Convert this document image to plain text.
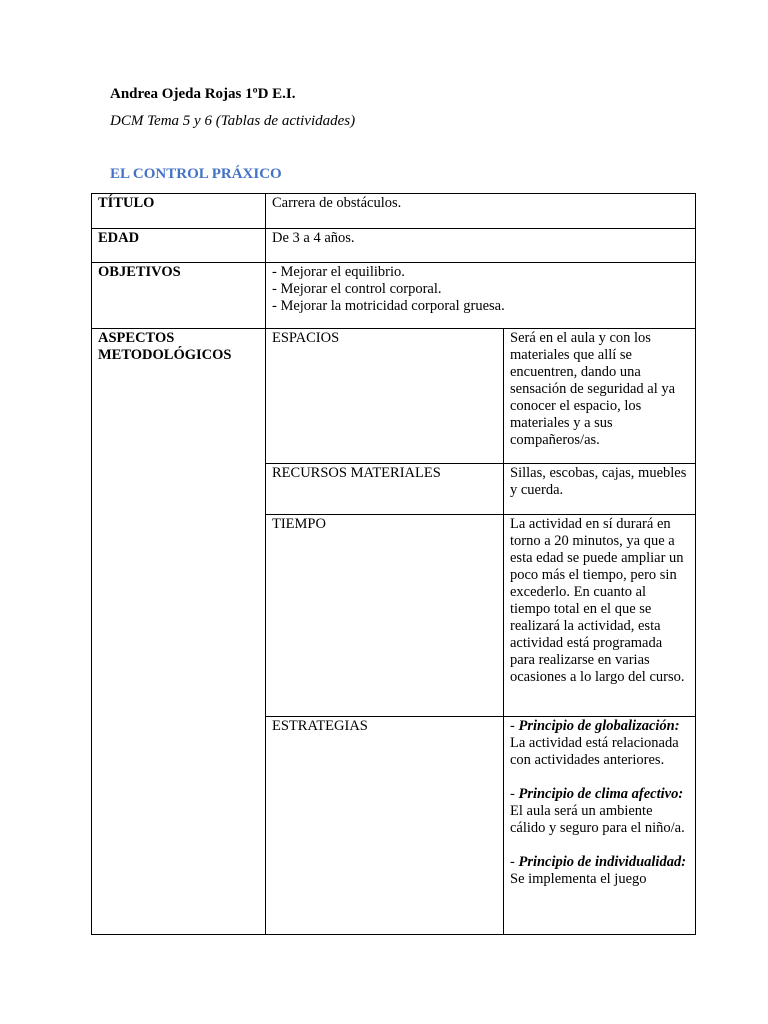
Andrea Ojeda Rojas 1ºD E.I.
DCM Tema 5 y 6 (Tablas de actividades)
EL CONTROL PRÁXICO
TÍTULO	Carrera de obstáculos.	
EDAD	De 3 a 4 años.	
OBJETIVOS	- Mejorar el equilibrio.
- Mejorar el control corporal.
- Mejorar la motricidad corporal gruesa.	

ASPECTOS METODOLÓGICOS	ESPACIOS	Será en el aula y con los materiales que allí se encuentren, dando una sensación de seguridad al ya conocer el espacio, los materiales y a sus compañeros/as.
	RECURSOS MATERIALES	Sillas, escobas, cajas, muebles y cuerda.
	TIEMPO	La actividad en sí durará en torno a 20 minutos, ya que a esta edad se puede ampliar un poco más el tiempo, pero sin excederlo. En cuanto al tiempo total en el que se realizará la actividad, esta actividad está programada para realizarse en varias ocasiones a lo largo del curso.
	ESTRATEGIAS	- Principio de globalización: La actividad está relacionada con actividades anteriores.
- Principio de clima afectivo: El aula será un ambiente cálido y seguro para el niño/a.
- Principio de individualidad: Se implementa el juego
